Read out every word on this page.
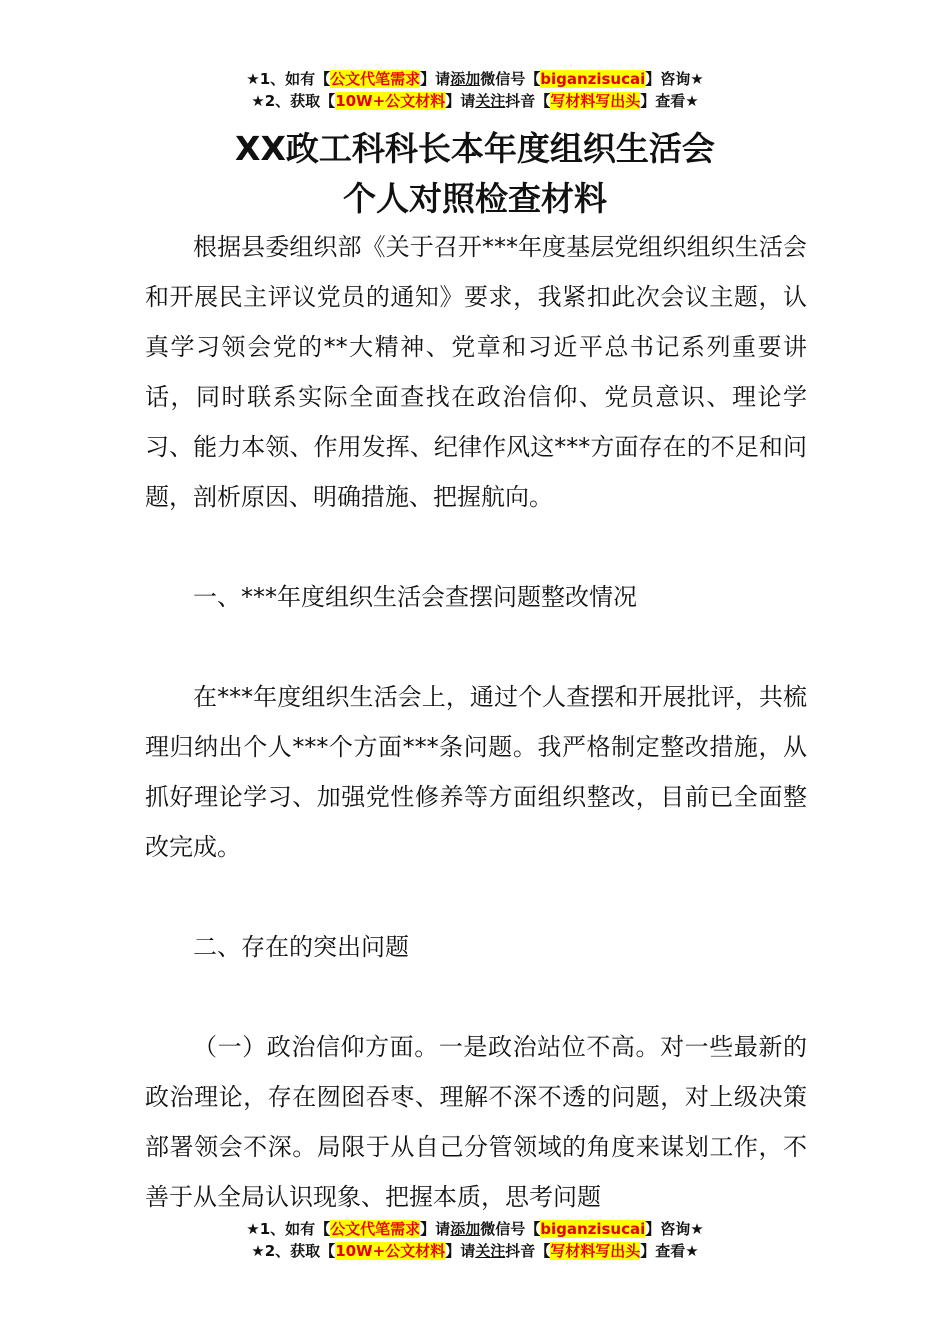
★1、如有【公文代笔需求】请添加微信号【biganzisucai】咨询★
★2、获取【10W+公文材料】请关注抖音【写材料写出头】查看★
XX政工科科长本年度组织生活会
个人对照检查材料

根据县委组织部《关于召开***年度基层党组织组织生活会和开展民主评议党员的通知》要求，我紧扣此次会议主题，认真学习领会党的**大精神、党章和习近平总书记系列重要讲话，同时联系实际全面查找在政治信仰、党员意识、理论学习、能力本领、作用发挥、纪律作风这***方面存在的不足和问题，剖析原因、明确措施、把握航向。

一、***年度组织生活会查摆问题整改情况

在***年度组织生活会上，通过个人查摆和开展批评，共梳理归纳出个人***个方面***条问题。我严格制定整改措施，从抓好理论学习、加强党性修养等方面组织整改，目前已全面整改完成。

二、存在的突出问题

（一）政治信仰方面。一是政治站位不高。对一些最新的政治理论，存在囫囵吞枣、理解不深不透的问题，对上级决策部署领会不深。局限于从自己分管领域的角度来谋划工作，不善于从全局认识现象、把握本质，思考问题

★1、如有【公文代笔需求】请添加微信号【biganzisucai】咨询★
★2、获取【10W+公文材料】请关注抖音【写材料写出头】查看★
